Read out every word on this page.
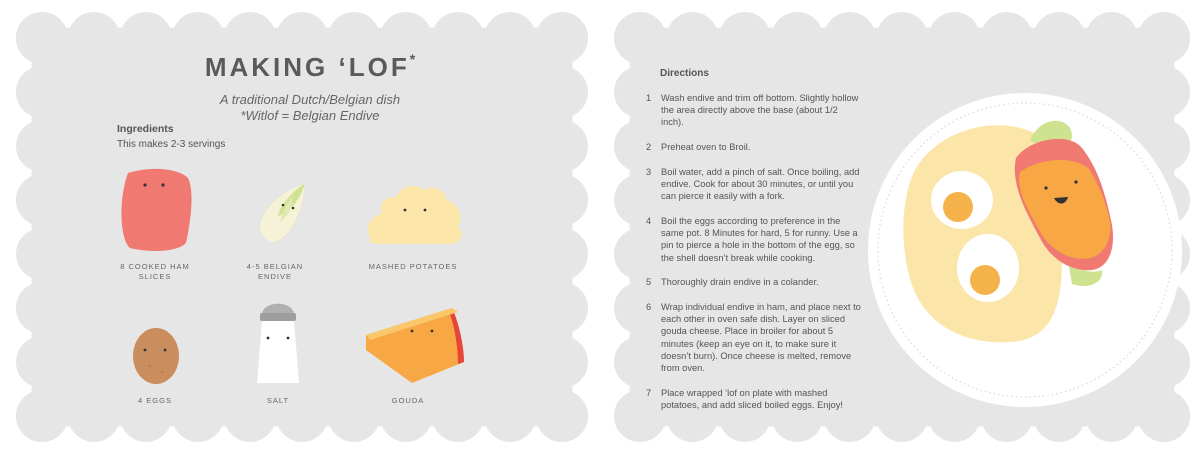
MAKING ‘LOF*
A traditional Dutch/Belgian dish
*Witlof = Belgian Endive
Ingredients
This makes 2-3 servings
8 COOKED HAM
SLICES
4-5 BELGIAN
ENDIVE
MASHED POTATOES
4 EGGS	SALT	GOUDA
Directions
1	Wash endive and trim off bottom. Slightly hollow the area directly above the base (about 1/2 inch).
2	Preheat oven to Broil.
3	Boil water, add a pinch of salt. Once boiling, add endive. Cook for about 30 minutes, or until you can pierce it easily with a fork.
4	Boil the eggs according to preference in the same pot. 8 Minutes for hard, 5 for runny. Use a pin to pierce a hole in the bottom of the egg, so the shell doesn’t break while cooking.
5	Thoroughly drain endive in a colander.
6	Wrap individual endive in ham, and place next to each other in oven safe dish. Layer on sliced gouda cheese. Place in broiler for about 5 minutes (keep an eye on it, to make sure it doesn’t burn). Once cheese is melted, remove from oven.
7	Place wrapped ‘lof on plate with mashed potatoes, and add sliced boiled eggs. Enjoy!
